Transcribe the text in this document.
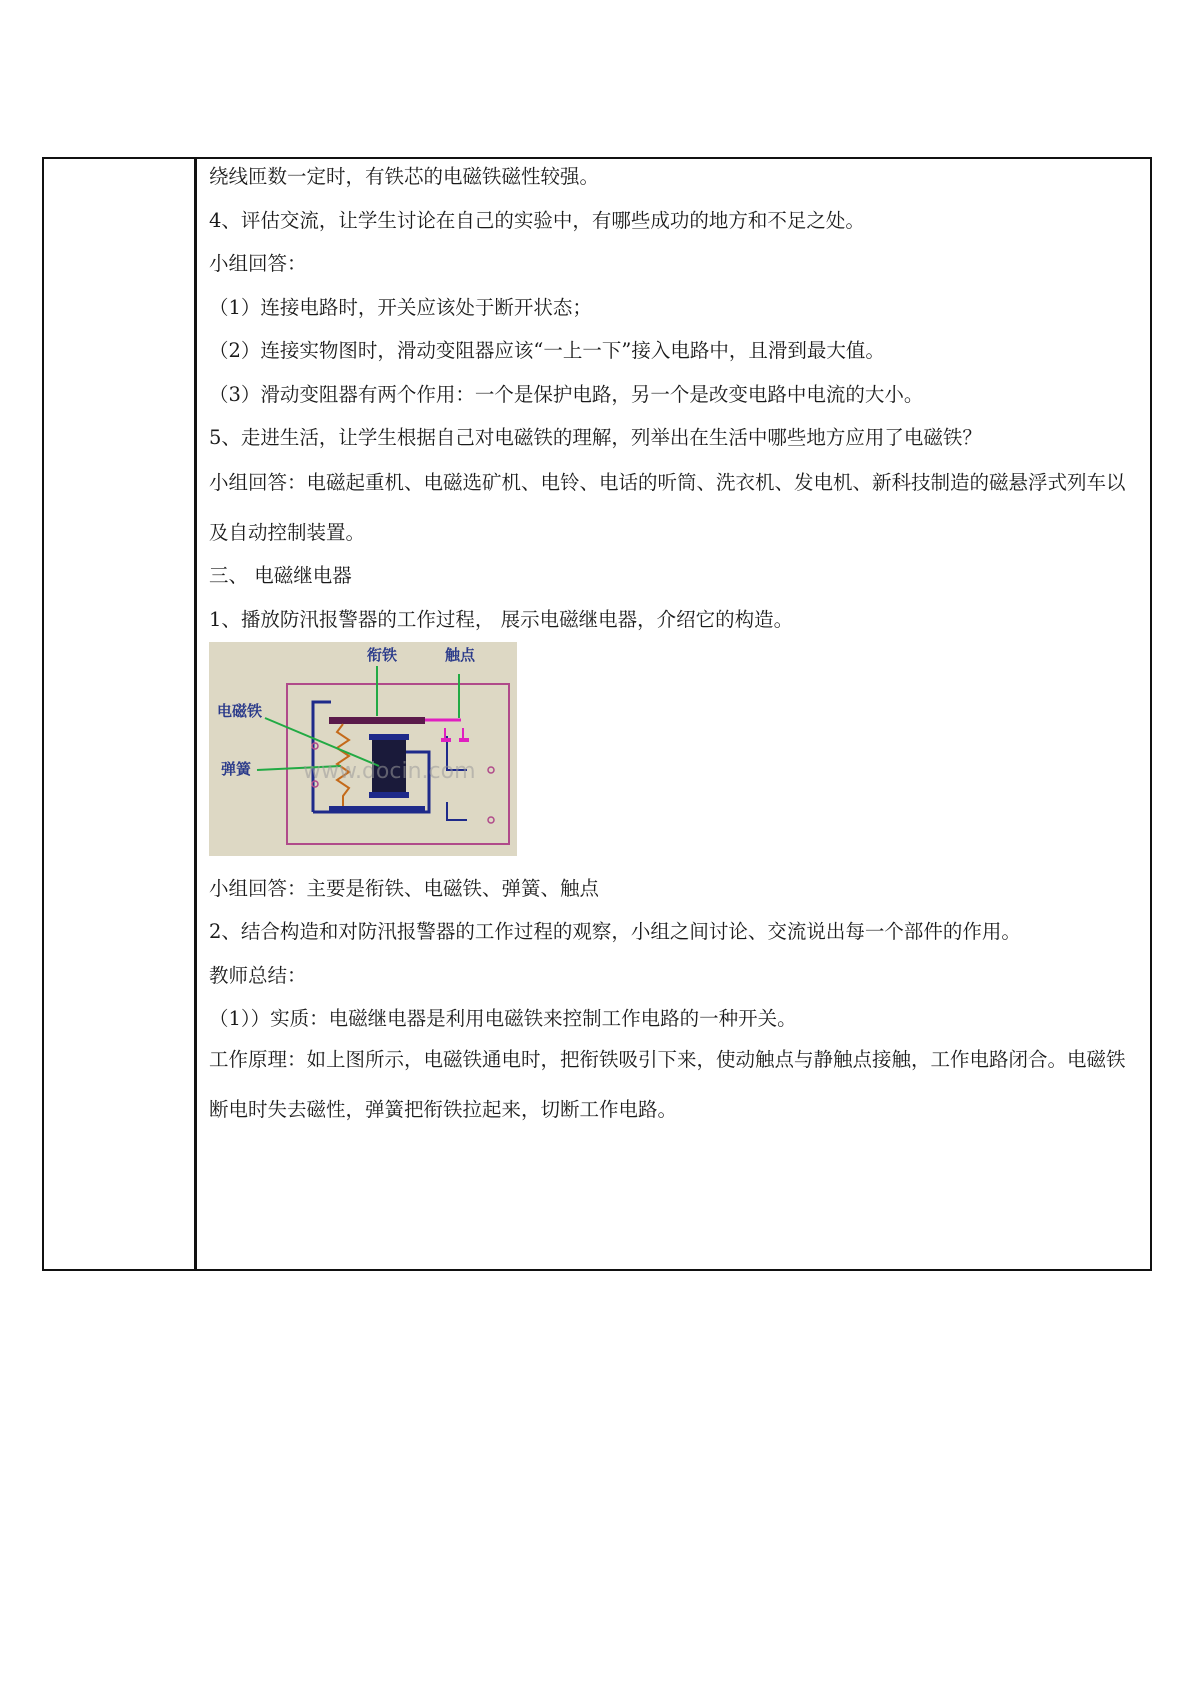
绕线匝数一定时，有铁芯的电磁铁磁性较强。

4、评估交流，让学生讨论在自己的实验中，有哪些成功的地方和不足之处。

小组回答：

（1）连接电路时，开关应该处于断开状态；

（2）连接实物图时，滑动变阻器应该“一上一下”接入电路中，且滑到最大值。

（3）滑动变阻器有两个作用：一个是保护电路，另一个是改变电路中电流的大小。

5、走进生活，让学生根据自己对电磁铁的理解，列举出在生活中哪些地方应用了电磁铁？

小组回答：电磁起重机、电磁选矿机、电铃、电话的听筒、洗衣机、发电机、新科技制造的磁悬浮式列车以及自动控制装置。

三、 电磁继电器

1、播放防汛报警器的工作过程， 展示电磁继电器，介绍它的构造。

衔铁	触点
电磁铁
弹簧 www.docin.com

小组回答：主要是衔铁、电磁铁、弹簧、触点

2、结合构造和对防汛报警器的工作过程的观察，小组之间讨论、交流说出每一个部件的作用。

教师总结：

（1））实质：电磁继电器是利用电磁铁来控制工作电路的一种开关。

工作原理：如上图所示，电磁铁通电时，把衔铁吸引下来，使动触点与静触点接触，工作电路闭合。电磁铁断电时失去磁性，弹簧把衔铁拉起来，切断工作电路。
